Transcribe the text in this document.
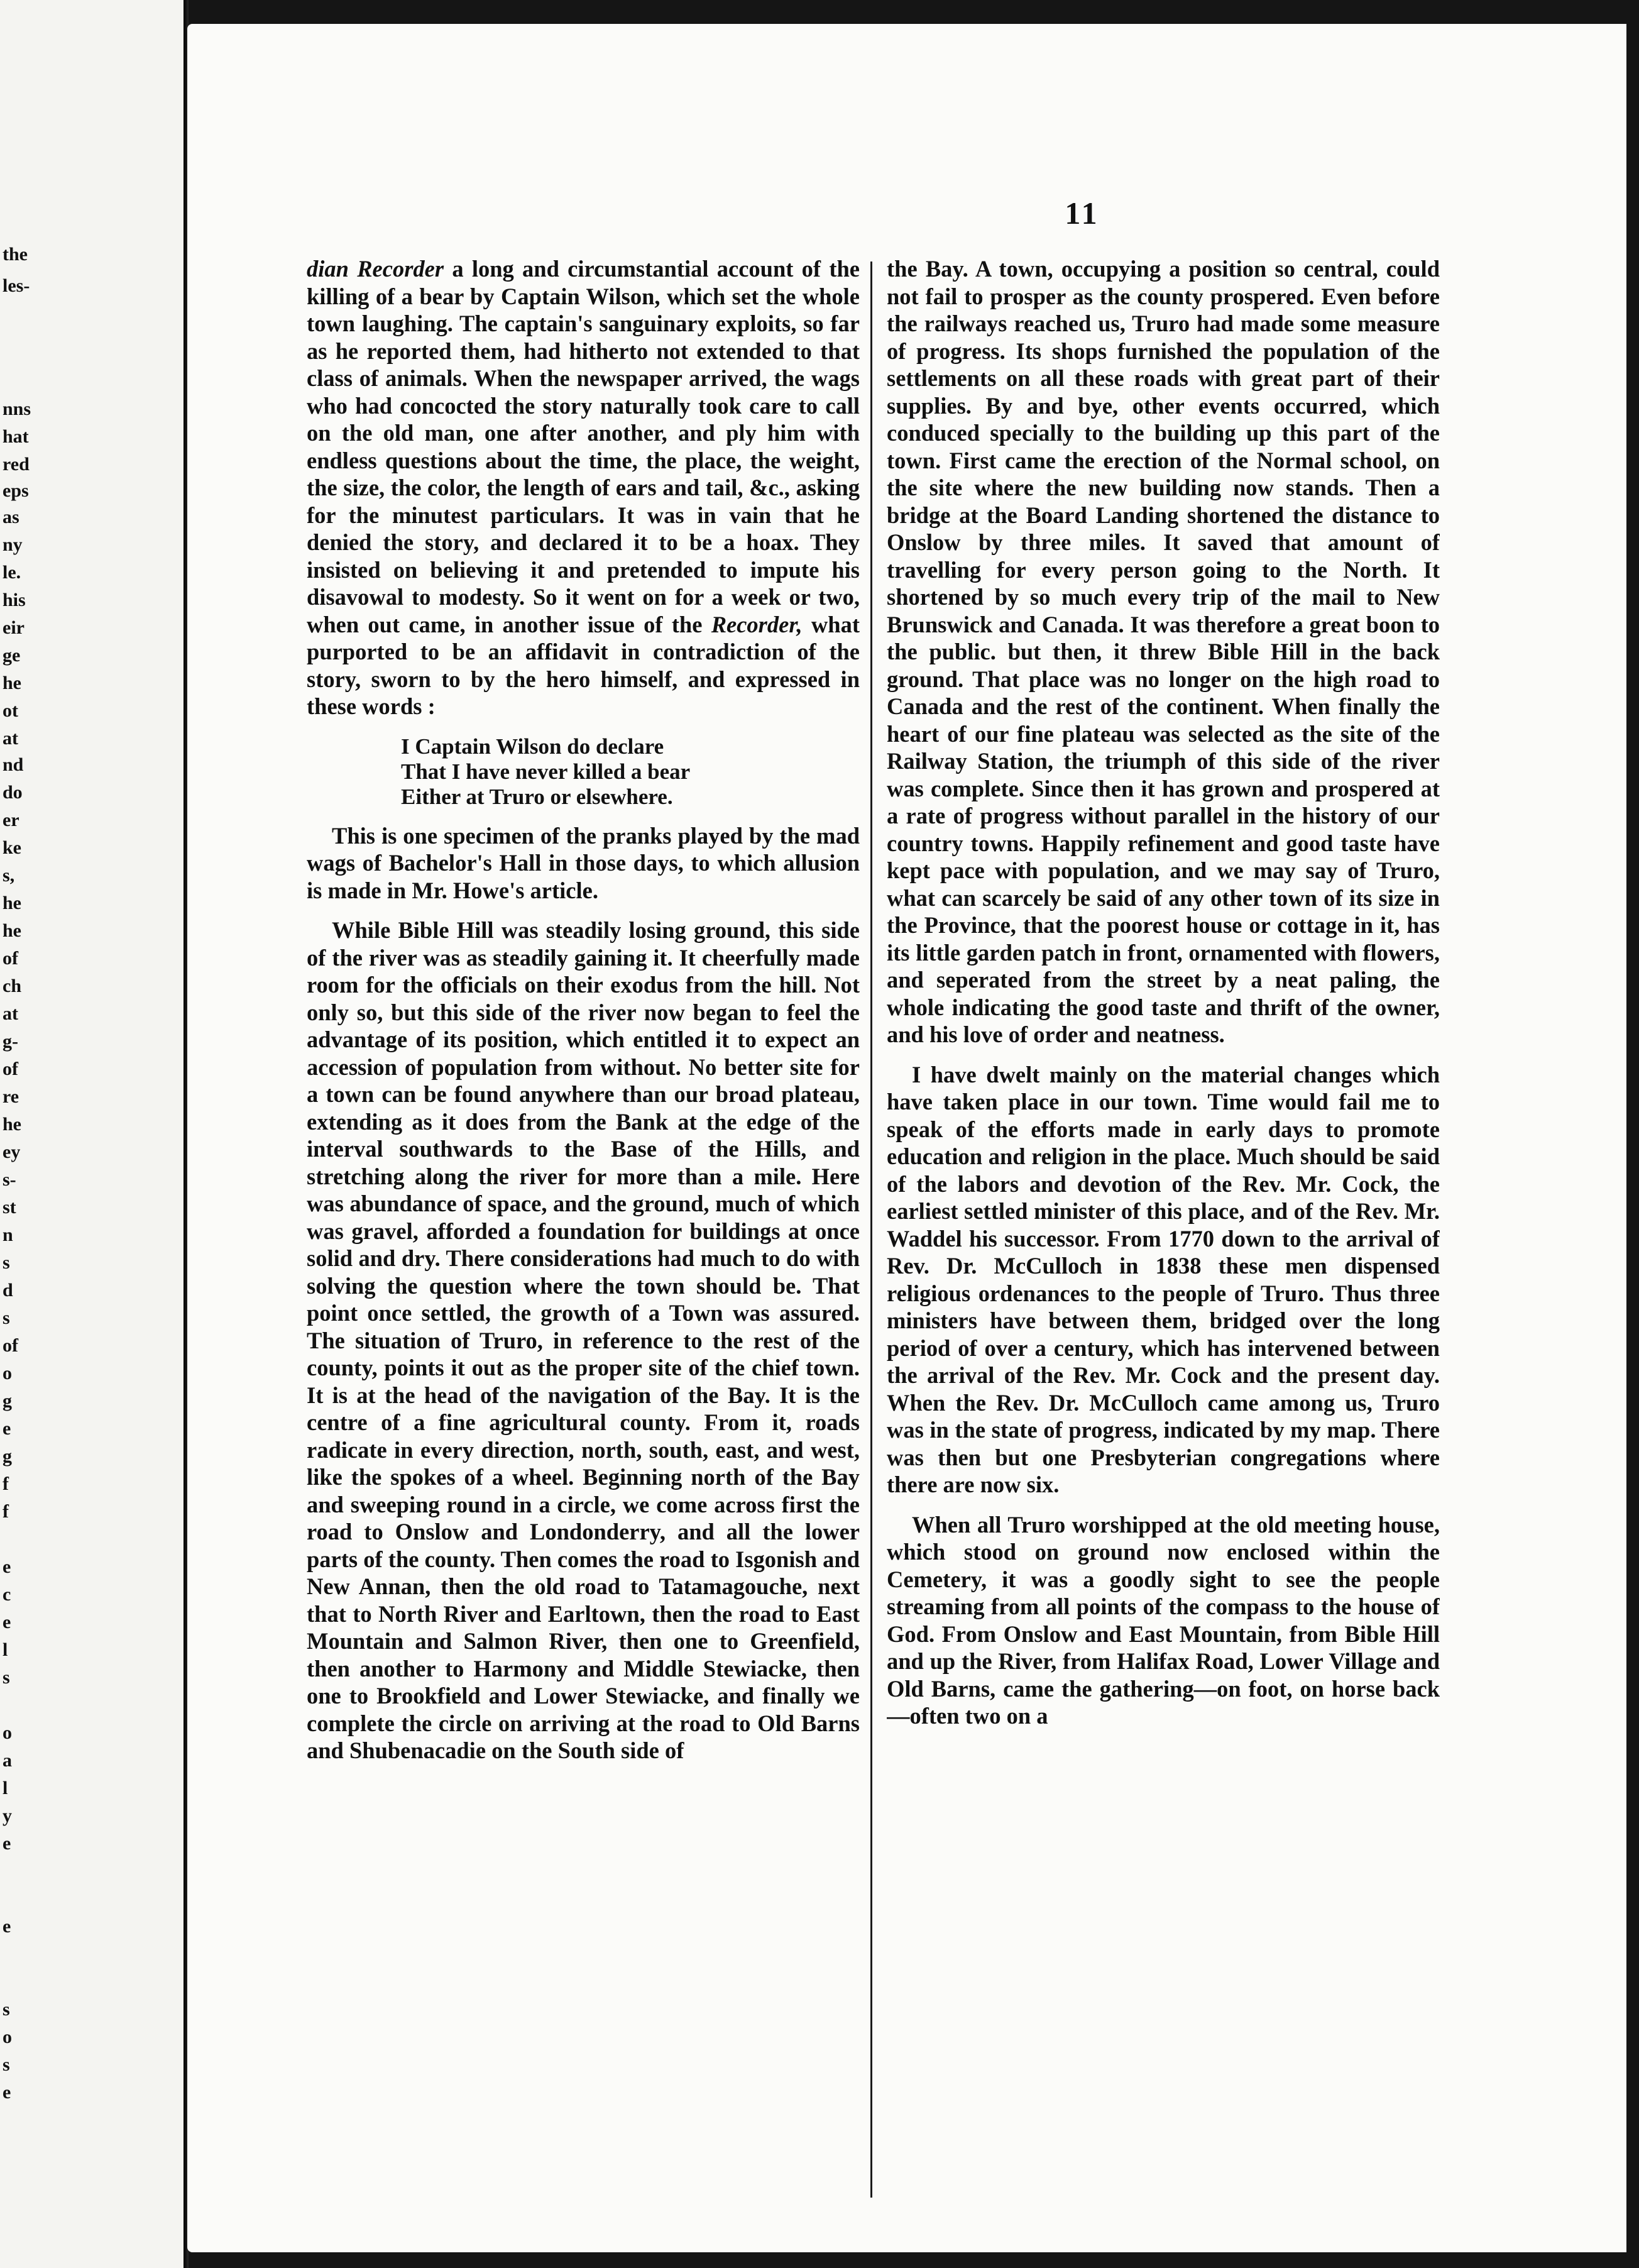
the
les-
nns
hat
red
eps
as
ny
le.
his
eir
ge
he
ot
at
nd
do
er
ke
s,
he
he
of
ch
at
g-
of
re
he
ey
s-
st
n
s
d
s
of
o
g
e
g
f
f
e
c
e
l
s
o
a
l
y
e
e
s
o
s
e
11

dian Recorder a long and circumstantial account of the killing of a bear by Captain Wilson, which set the whole town laughing. The captain's sanguinary exploits, so far as he reported them, had hitherto not extended to that class of animals. When the newspaper arrived, the wags who had concocted the story naturally took care to call on the old man, one after another, and ply him with endless questions about the time, the place, the weight, the size, the color, the length of ears and tail, &c., asking for the minutest particulars. It was in vain that he denied the story, and declared it to be a hoax. They insisted on believing it and pretended to impute his disavowal to modesty. So it went on for a week or two, when out came, in another issue of the Recorder, what purported to be an affidavit in contradiction of the story, sworn to by the hero himself, and expressed in these words :

I Captain Wilson do declare
That I have never killed a bear
Either at Truro or elsewhere.

This is one specimen of the pranks played by the mad wags of Bachelor's Hall in those days, to which allusion is made in Mr. Howe's article.

While Bible Hill was steadily losing ground, this side of the river was as steadily gaining it. It cheerfully made room for the officials on their exodus from the hill. Not only so, but this side of the river now began to feel the advantage of its position, which entitled it to expect an accession of population from without. No better site for a town can be found anywhere than our broad plateau, extending as it does from the Bank at the edge of the interval southwards to the Base of the Hills, and stretching along the river for more than a mile. Here was abundance of space, and the ground, much of which was gravel, afforded a foundation for buildings at once solid and dry. There considerations had much to do with solving the question where the town should be. That point once settled, the growth of a Town was assured. The situation of Truro, in reference to the rest of the county, points it out as the proper site of the chief town. It is at the head of the navigation of the Bay. It is the centre of a fine agricultural county. From it, roads radicate in every direction, north, south, east, and west, like the spokes of a wheel. Beginning north of the Bay and sweeping round in a circle, we come across first the road to Onslow and Londonderry, and all the lower parts of the county. Then comes the road to Isgonish and New Annan, then the old road to Tatamagouche, next that to North River and Earltown, then the road to East Mountain and Salmon River, then one to Greenfield, then another to Harmony and Middle Stewiacke, then one to Brookfield and Lower Stewiacke, and finally we complete the circle on arriving at the road to Old Barns and Shubenacadie on the South side of

the Bay. A town, occupying a position so central, could not fail to prosper as the county prospered. Even before the railways reached us, Truro had made some measure of progress. Its shops furnished the population of the settlements on all these roads with great part of their supplies. By and bye, other events occurred, which conduced specially to the building up this part of the town. First came the erection of the Normal school, on the site where the new building now stands. Then a bridge at the Board Landing shortened the distance to Onslow by three miles. It saved that amount of travelling for every person going to the North. It shortened by so much every trip of the mail to New Brunswick and Canada. It was therefore a great boon to the public. but then, it threw Bible Hill in the back ground. That place was no longer on the high road to Canada and the rest of the continent. When finally the heart of our fine plateau was selected as the site of the Railway Station, the triumph of this side of the river was complete. Since then it has grown and prospered at a rate of progress without parallel in the history of our country towns. Happily refinement and good taste have kept pace with population, and we may say of Truro, what can scarcely be said of any other town of its size in the Province, that the poorest house or cottage in it, has its little garden patch in front, ornamented with flowers, and seperated from the street by a neat paling, the whole indicating the good taste and thrift of the owner, and his love of order and neatness.

I have dwelt mainly on the material changes which have taken place in our town. Time would fail me to speak of the efforts made in early days to promote education and religion in the place. Much should be said of the labors and devotion of the Rev. Mr. Cock, the earliest settled minister of this place, and of the Rev. Mr. Waddel his successor. From 1770 down to the arrival of Rev. Dr. McCulloch in 1838 these men dispensed religious ordenances to the people of Truro. Thus three ministers have between them, bridged over the long period of over a century, which has intervened between the arrival of the Rev. Mr. Cock and the present day. When the Rev. Dr. McCulloch came among us, Truro was in the state of progress, indicated by my map. There was then but one Presbyterian congregations where there are now six.

When all Truro worshipped at the old meeting house, which stood on ground now enclosed within the Cemetery, it was a goodly sight to see the people streaming from all points of the compass to the house of God. From Onslow and East Mountain, from Bible Hill and up the River, from Halifax Road, Lower Village and Old Barns, came the gathering—on foot, on horse back—often two on a
